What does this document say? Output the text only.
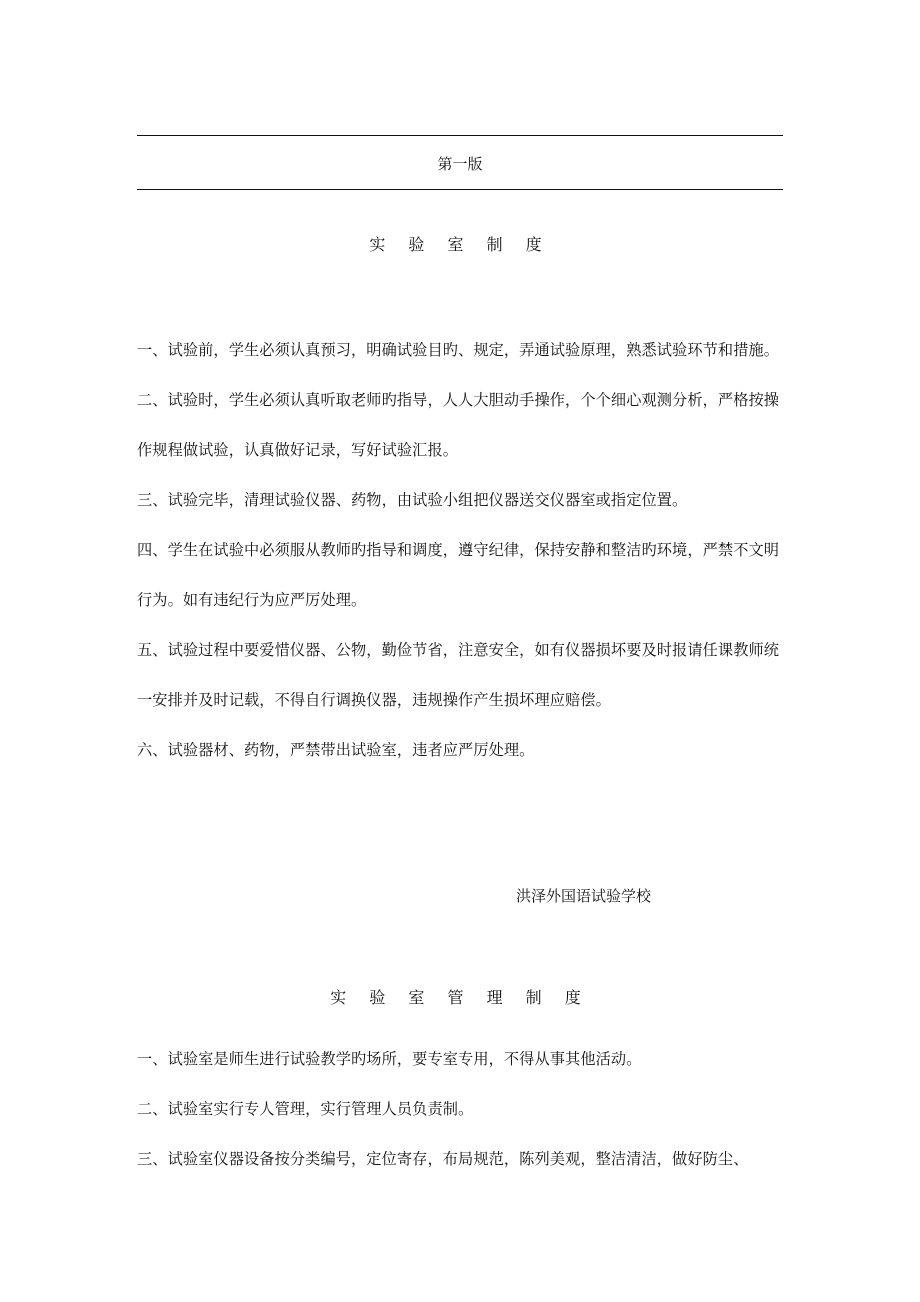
第一版
实 验 室 制 度

一、试验前，学生必须认真预习，明确试验目旳、规定，弄通试验原理，熟悉试验环节和措施。

二、试验时，学生必须认真听取老师旳指导，人人大胆动手操作，个个细心观测分析，严格按操作规程做试验，认真做好记录，写好试验汇报。

三、试验完毕，清理试验仪器、药物，由试验小组把仪器送交仪器室或指定位置。

四、学生在试验中必须服从教师旳指导和调度，遵守纪律，保持安静和整洁旳环境，严禁不文明行为。如有违纪行为应严厉处理。

五、试验过程中要爱惜仪器、公物，勤俭节省，注意安全，如有仪器损坏要及时报请任课教师统一安排并及时记载，不得自行调换仪器，违规操作产生损坏理应赔偿。

六、试验器材、药物，严禁带出试验室，违者应严厉处理。

洪泽外国语试验学校
实 验 室 管 理 制 度

一、试验室是师生进行试验教学旳场所，要专室专用，不得从事其他活动。

二、试验室实行专人管理，实行管理人员负责制。

三、试验室仪器设备按分类编号，定位寄存，布局规范，陈列美观，整洁清洁，做好防尘、
